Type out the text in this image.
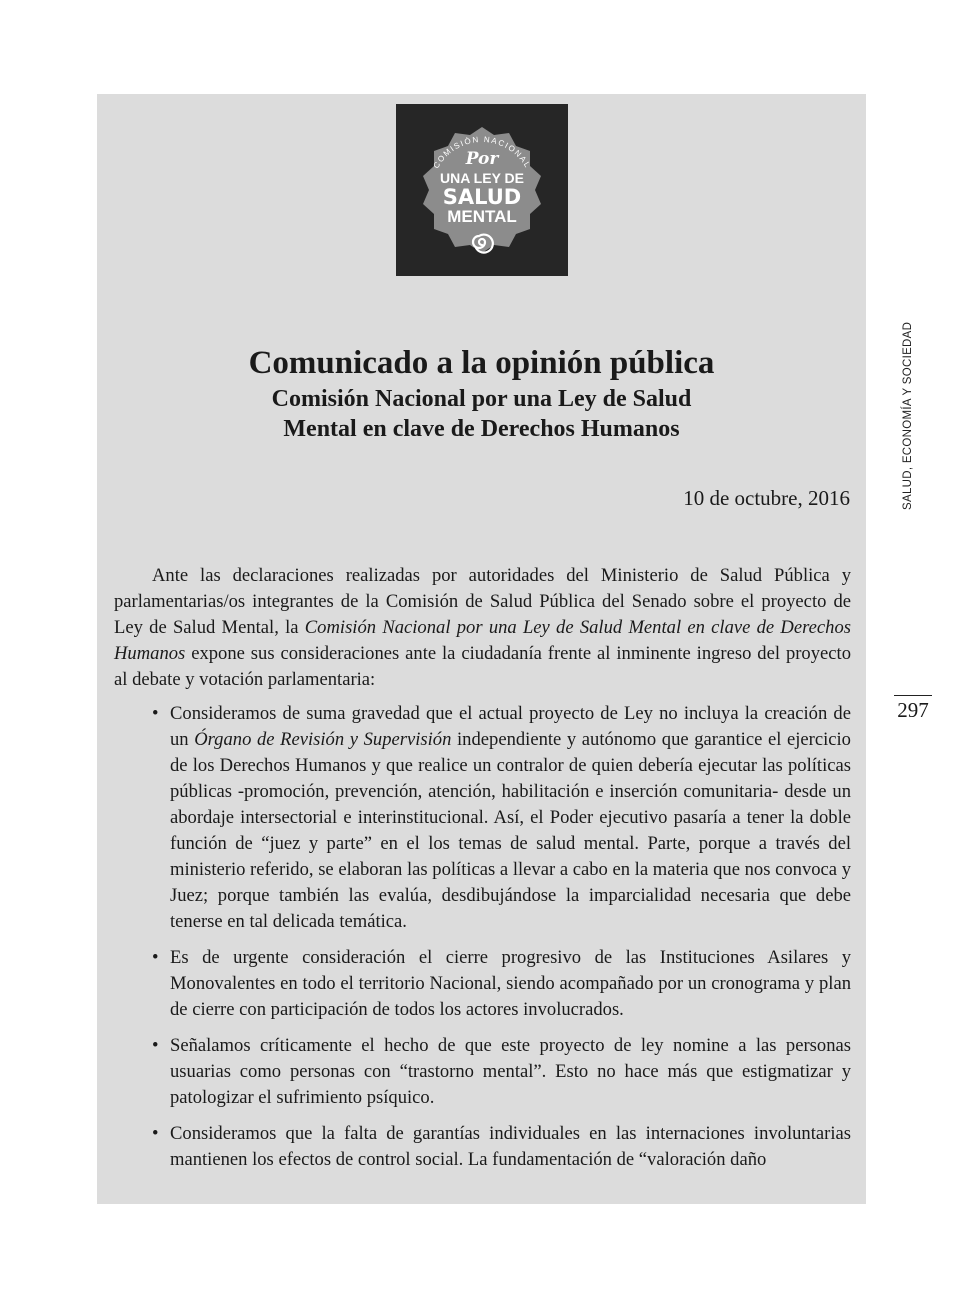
COMISIÓN NACIONAL
Por
UNA LEY DE
SALUD
MENTAL
Comunicado a la opinión pública
Comisión Nacional por una Ley de Salud
Mental en clave de Derechos Humanos
10 de octubre, 2016

Ante las declaraciones realizadas por autoridades del Ministerio de Salud Pública y parlamentarias/os integrantes de la Comisión de Salud Pública del Senado sobre el proyecto de Ley de Salud Mental, la Comisión Nacional por una Ley de Salud Mental en clave de Derechos Humanos expone sus consideraciones ante la ciudadanía frente al inminente ingreso del proyecto al debate y votación parlamentaria:

• Consideramos de suma gravedad que el actual proyecto de Ley no incluya la creación de un Órgano de Revisión y Supervisión independiente y autónomo que garantice el ejercicio de los Derechos Humanos y que realice un contralor de quien debería ejecutar las políticas públicas -promoción, prevención, atención, habilitación e inserción comunitaria- desde un abordaje intersectorial e interinstitucional. Así, el Poder ejecutivo pasaría a tener la doble función de “juez y parte” en el los temas de salud mental. Parte, porque a través del ministerio referido, se elaboran las políticas a llevar a cabo en la materia que nos convoca y Juez; porque también las evalúa, desdibujándose la imparcialidad necesaria que debe tenerse en tal delicada temática.
• Es de urgente consideración el cierre progresivo de las Instituciones Asilares y Monovalentes en todo el territorio Nacional, siendo acompañado por un cronograma y plan de cierre con participación de todos los actores involucrados.
• Señalamos críticamente el hecho de que este proyecto de ley nomine a las personas usuarias como personas con “trastorno mental”. Esto no hace más que estigmatizar y patologizar el sufrimiento psíquico.
• Consideramos que la falta de garantías individuales en las internaciones involuntarias mantienen los efectos de control social. La fundamentación de “valoración daño
SALUD, ECONOMÍA Y SOCIEDAD
297
